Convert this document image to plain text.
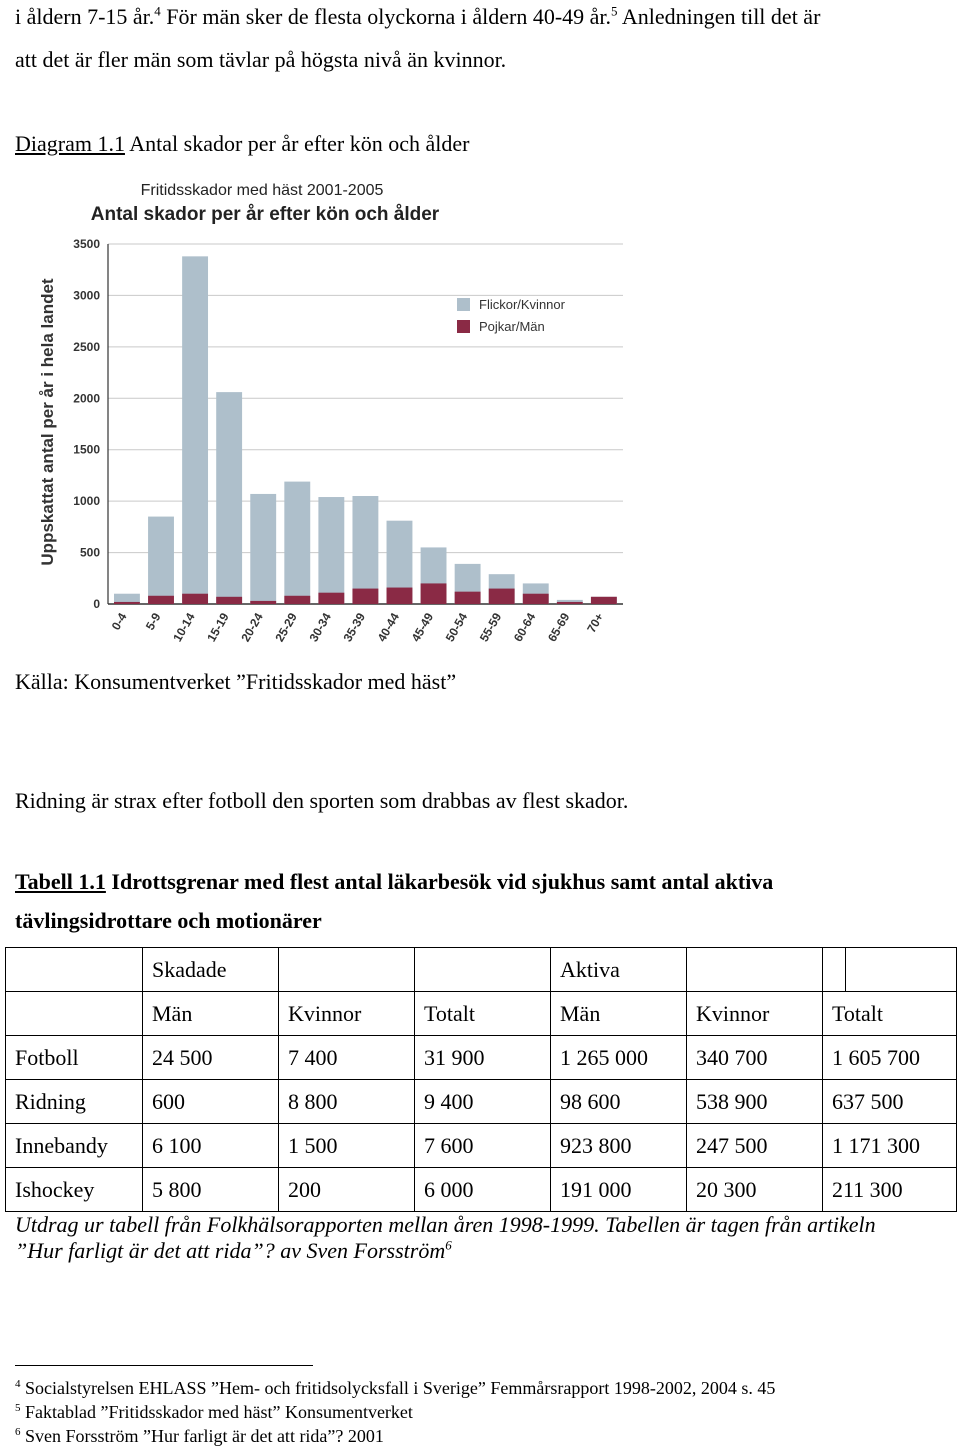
i åldern 7-15 år.$^4$ För män sker de flesta olyckorna i åldern 40-49 år.$^5$ Anledningen till det är
att det är fler män som tävlar på högsta nivå än kvinnor.
Diagram 1.1 Antal skador per år efter kön och ålder
Fritidsskador med häst 2001-2005
Antal skador per år efter kön och ålder
Uppskattat antal per år i hela landet
0
500
1000
1500
2000
2500
3000
3500
0-4 5-9 10-14 15-19 20-24 25-29 30-34 35-39 40-44 45-49 50-54 55-59 60-64 65-69 70+
Flickor/Kvinnor
Pojkar/Män
Källa: Konsumentverket ”Fritidsskador med häst”
Ridning är strax efter fotboll den sporten som drabbas av flest skador.
Tabell 1.1 Idrottsgrenar med flest antal läkarbesök vid sjukhus samt antal aktiva
tävlingsidrottare och motionärer
	Skadade			Aktiva		

	Män	Kvinnor	Totalt	Män	Kvinnor	Totalt
Fotboll	24 500	7 400	31 900	1 265 000	340 700	1 605 700
Ridning	600	8 800	9 400	98 600	538 900	637 500
Innebandy	6 100	1 500	7 600	923 800	247 500	1 171 300
Ishockey	5 800	200	6 000	191 000	20 300	211 300
Utdrag ur tabell från Folkhälsorapporten mellan åren 1998-1999. Tabellen är tagen från artikeln
”Hur farligt är det att rida”? av Sven Forsström$^6$
$^4$ Socialstyrelsen EHLASS ”Hem- och fritidsolycksfall i Sverige” Femmårsrapport 1998-2002, 2004 s. 45
$^5$ Faktablad ”Fritidsskador med häst” Konsumentverket
$^6$ Sven Forsström ”Hur farligt är det att rida”? 2001
